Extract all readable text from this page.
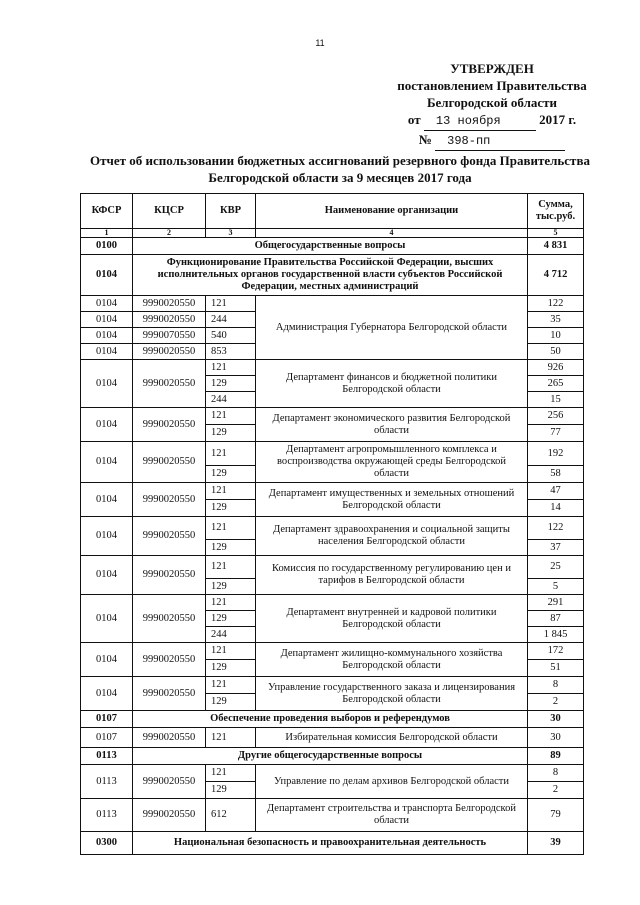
11
УТВЕРЖДЕН
постановлением Правительства
Белгородской области
от 13 ноября	2017 г.
№ 398-пп
Отчет об использовании бюджетных ассигнований резервного фонда Правительства Белгородской области за 9 месяцев 2017 года
КФСР	КЦСР	КВР	Наименование организации	Сумма, тыс.руб.
1	2	3	4	5
0100	Общегосударственные вопросы			4 831
0104	Функционирование Правительства Российской Федерации, высших исполнительных органов государственной власти субъектов Российской Федерации, местных администраций			4 712
0104	9990020550	121	Администрация Губернатора Белгородской области	122
0104	9990020550	244		35
0104	9990070550	540		10
0104	9990020550	853		50
0104	9990020550	121	Департамент финансов и бюджетной политики Белгородской области	926
		129		265
		244		15
0104	9990020550	121	Департамент экономического развития Белгородской области	256
		129		77
0104	9990020550	121	Департамент агропромышленного комплекса и воспроизводства окружающей среды Белгородской области	192
		129		58
0104	9990020550	121	Департамент имущественных и земельных отношений Белгородской области	47
		129		14
0104	9990020550	121	Департамент здравоохранения и социальной защиты населения Белгородской области	122
		129		37
0104	9990020550	121	Комиссия по государственному регулированию цен и тарифов в Белгородской области	25
		129		5
0104	9990020550	121	Департамент внутренней и кадровой политики Белгородской области	291
		129		87
		244		1 845
0104	9990020550	121	Департамент жилищно-коммунального хозяйства Белгородской области	172
		129		51
0104	9990020550	121	Управление государственного заказа и лицензирования Белгородской области	8
		129		2
0107	Обеспечение проведения выборов и референдумов			30
0107	9990020550	121	Избирательная комиссия Белгородской области	30
0113	Другие общегосударственные вопросы			89
0113	9990020550	121	Управление по делам архивов Белгородской области	8
		129		2
0113	9990020550	612	Департамент строительства и транспорта Белгородской области	79
0300	Национальная безопасность и правоохранительная деятельность			39
